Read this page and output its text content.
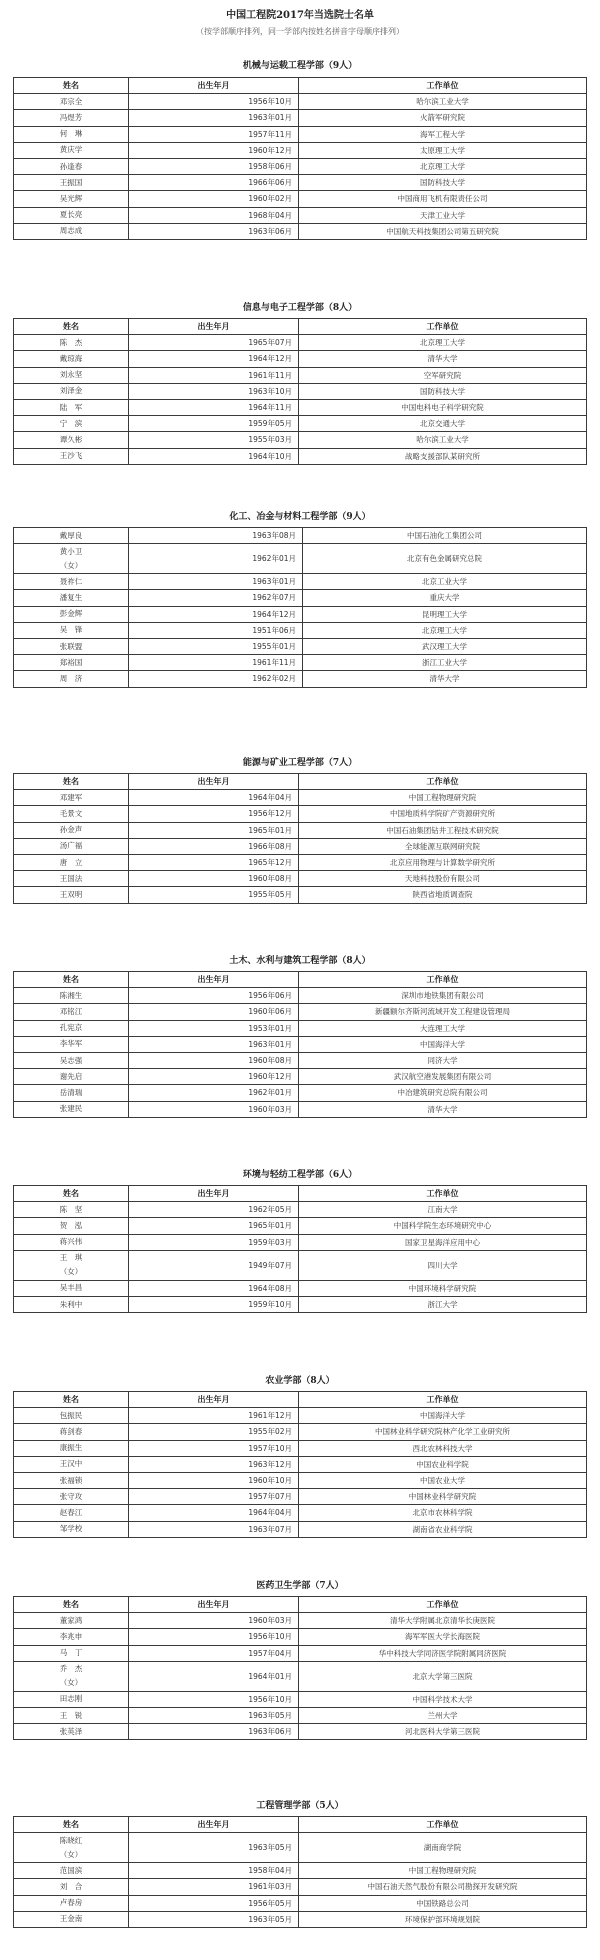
中国工程院2017年当选院士名单
（按学部顺序排列，同一学部内按姓名拼音字母顺序排列）
机械与运载工程学部（9人）
姓名	出生年月	工作单位

邓宗全	1956年10月	哈尔滨工业大学

冯煜芳	1963年01月	火箭军研究院

何　琳	1957年11月	海军工程大学

黄庆学	1960年12月	太原理工大学

孙逢春	1958年06月	北京理工大学

王振国	1966年06月	国防科技大学

吴光辉	1960年02月	中国商用飞机有限责任公司

夏长亮	1968年04月	天津工业大学

周志成	1963年06月	中国航天科技集团公司第五研究院
信息与电子工程学部（8人）
姓名	出生年月	工作单位

陈　杰	1965年07月	北京理工大学

戴琼海	1964年12月	清华大学

刘永坚	1961年11月	空军研究院

刘泽金	1963年10月	国防科技大学

陆　军	1964年11月	中国电科电子科学研究院

宁　滨	1959年05月	北京交通大学

谭久彬	1955年03月	哈尔滨工业大学

王沙飞	1964年10月	战略支援部队某研究所
化工、冶金与材料工程学部（9人）
戴厚良	1963年08月	中国石油化工集团公司

黄小卫
（女）	1962年01月	北京有色金属研究总院

聂祚仁	1963年01月	北京工业大学

潘复生	1962年07月	重庆大学

彭金辉	1964年12月	昆明理工大学

吴　锋	1951年06月	北京理工大学

张联盟	1955年01月	武汉理工大学

郑裕国	1961年11月	浙江工业大学

周　济	1962年02月	清华大学
能源与矿业工程学部（7人）
姓名	出生年月	工作单位

邓建军	1964年04月	中国工程物理研究院

毛景文	1956年12月	中国地质科学院矿产资源研究所

孙金声	1965年01月	中国石油集团钻井工程技术研究院

汤广福	1966年08月	全球能源互联网研究院

唐　立	1965年12月	北京应用物理与计算数学研究所

王国法	1960年08月	天地科技股份有限公司

王双明	1955年05月	陕西省地质调查院
土木、水利与建筑工程学部（8人）
姓名	出生年月	工作单位

陈湘生	1956年06月	深圳市地铁集团有限公司

邓铭江	1960年06月	新疆额尔齐斯河流域开发工程建设管理局

孔宪京	1953年01月	大连理工大学

李华军	1963年01月	中国海洋大学

吴志强	1960年08月	同济大学

谢先启	1960年12月	武汉航空港发展集团有限公司

岳清瑞	1962年01月	中冶建筑研究总院有限公司

张建民	1960年03月	清华大学
环境与轻纺工程学部（6人）
姓名	出生年月	工作单位

陈　坚	1962年05月	江南大学

贺　泓	1965年01月	中国科学院生态环境研究中心

蒋兴伟	1959年03月	国家卫星海洋应用中心

王　琪
（女）	1949年07月	四川大学

吴丰昌	1964年08月	中国环境科学研究院

朱利中	1959年10月	浙江大学
农业学部（8人）
姓名	出生年月	工作单位

包振民	1961年12月	中国海洋大学

蒋剑春	1955年02月	中国林业科学研究院林产化学工业研究所

康振生	1957年10月	西北农林科技大学

王汉中	1963年12月	中国农业科学院

张福锁	1960年10月	中国农业大学

张守攻	1957年07月	中国林业科学研究院

赵春江	1964年04月	北京市农林科学院

邹学校	1963年07月	湖南省农业科学院
医药卫生学部（7人）
姓名	出生年月	工作单位

董家鸿	1960年03月	清华大学附属北京清华长庚医院

李兆申	1956年10月	海军军医大学长海医院

马　丁	1957年04月	华中科技大学同济医学院附属同济医院

乔　杰
（女）	1964年01月	北京大学第三医院

田志刚	1956年10月	中国科学技术大学

王　锐	1963年05月	兰州大学

张英泽	1963年06月	河北医科大学第三医院
工程管理学部（5人）
姓名	出生年月	工作单位

陈晓红
（女）	1963年05月	湖南商学院

范国滨	1958年04月	中国工程物理研究院

刘　合	1961年03月	中国石油天然气股份有限公司勘探开发研究院

卢春房	1956年05月	中国铁路总公司

王金南	1963年05月	环境保护部环境规划院
